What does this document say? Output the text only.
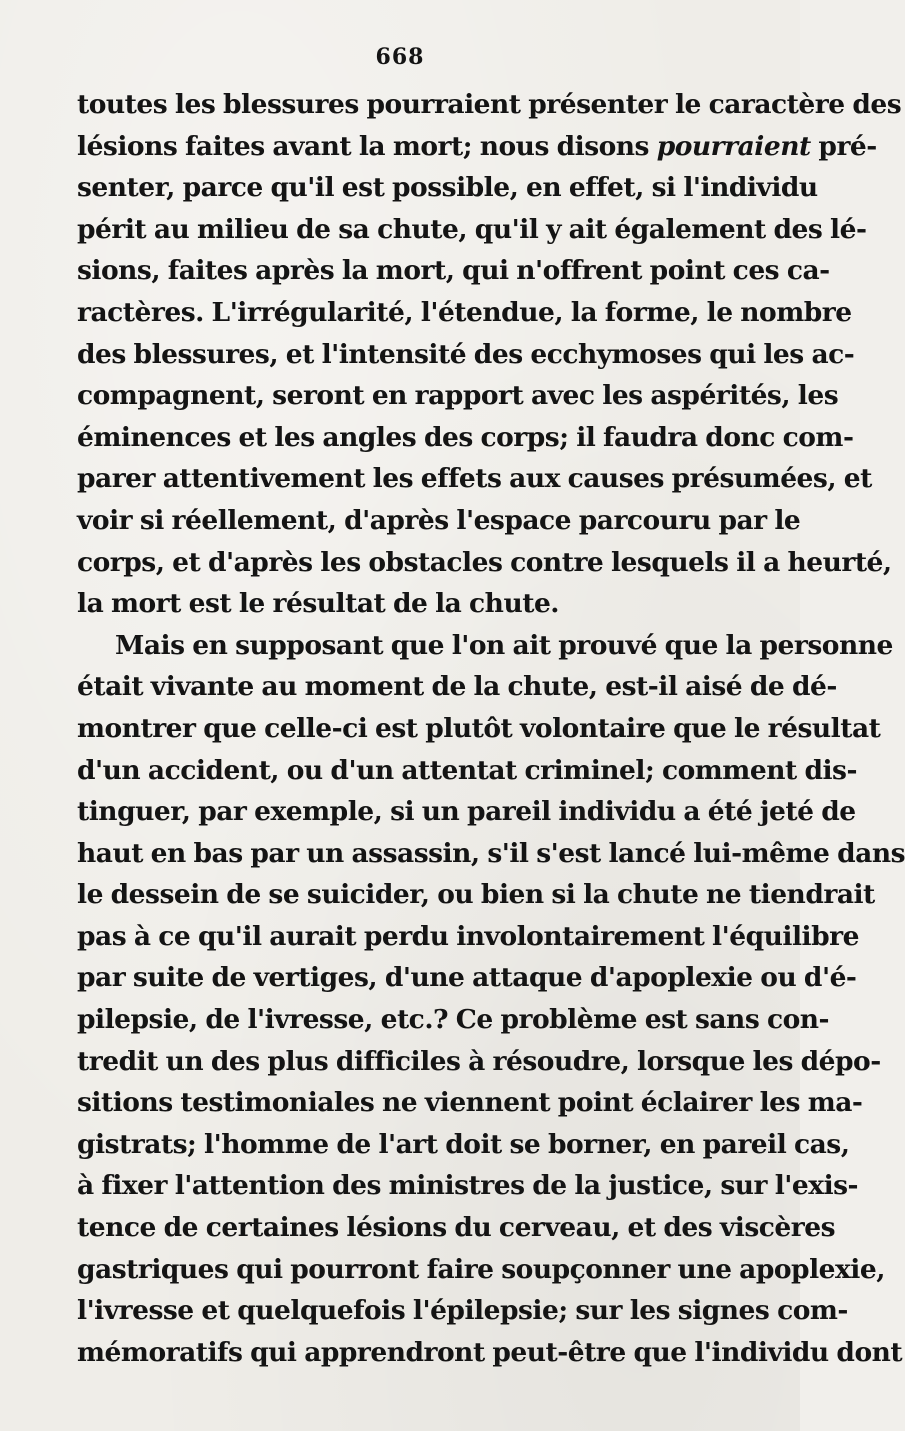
668
toutes les blessures pourraient présenter le caractère des
lésions faites avant la mort; nous disons pourraient pré-
senter, parce qu'il est possible, en effet, si l'individu
périt au milieu de sa chute, qu'il y ait également des lé-
sions, faites après la mort, qui n'offrent point ces ca-
ractères. L'irrégularité, l'étendue, la forme, le nombre
des blessures, et l'intensité des ecchymoses qui les ac-
compagnent, seront en rapport avec les aspérités, les
éminences et les angles des corps; il faudra donc com-
parer attentivement les effets aux causes présumées, et
voir si réellement, d'après l'espace parcouru par le
corps, et d'après les obstacles contre lesquels il a heurté,
la mort est le résultat de la chute.
Mais en supposant que l'on ait prouvé que la personne
était vivante au moment de la chute, est-il aisé de dé-
montrer que celle-ci est plutôt volontaire que le résultat
d'un accident, ou d'un attentat criminel; comment dis-
tinguer, par exemple, si un pareil individu a été jeté de
haut en bas par un assassin, s'il s'est lancé lui-même dans
le dessein de se suicider, ou bien si la chute ne tiendrait
pas à ce qu'il aurait perdu involontairement l'équilibre
par suite de vertiges, d'une attaque d'apoplexie ou d'é-
pilepsie, de l'ivresse, etc.? Ce problème est sans con-
tredit un des plus difficiles à résoudre, lorsque les dépo-
sitions testimoniales ne viennent point éclairer les ma-
gistrats; l'homme de l'art doit se borner, en pareil cas,
à fixer l'attention des ministres de la justice, sur l'exis-
tence de certaines lésions du cerveau, et des viscères
gastriques qui pourront faire soupçonner une apoplexie,
l'ivresse et quelquefois l'épilepsie; sur les signes com-
mémoratifs qui apprendront peut-être que l'individu dont
